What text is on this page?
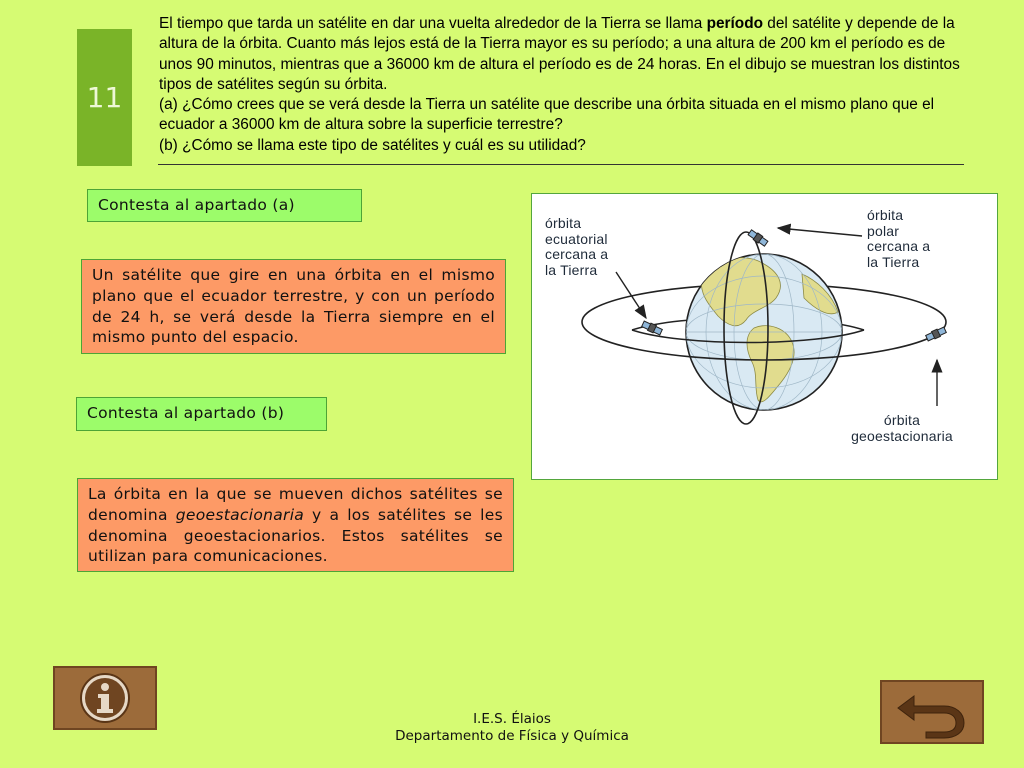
11

El tiempo que tarda un satélite en dar una vuelta alrededor de la Tierra se llama período del satélite y depende de la altura de la órbita. Cuanto más lejos está de la Tierra mayor es su período; a una altura de 200 km el período es de unos 90 minutos, mientras que a 36000 km de altura el período es de 24 horas. En el dibujo se muestran los distintos tipos de satélites según su órbita.

(a) ¿Cómo crees que se verá desde la Tierra un satélite que describe una órbita situada en el mismo plano que el ecuador a 36000 km de altura sobre la superficie terrestre?

(b) ¿Cómo se llama este tipo de satélites y cuál es su utilidad?

Contesta al apartado (a)
Un satélite que gire en una órbita en el mismo plano que el ecuador terrestre, y con un período de 24 h, se verá desde la Tierra siempre en el mismo punto del espacio.
Contesta al apartado (b)
La órbita en la que se mueven dichos satélites se denomina geoestacionaria y a los satélites se les denomina geoestacionarios. Estos satélites se utilizan para comunicaciones.
órbita
ecuatorial
cercana a
la Tierra
órbita
polar
cercana a
la Tierra
órbita
geoestacionaria
I.E.S. Élaios
Departamento de Física y Química
